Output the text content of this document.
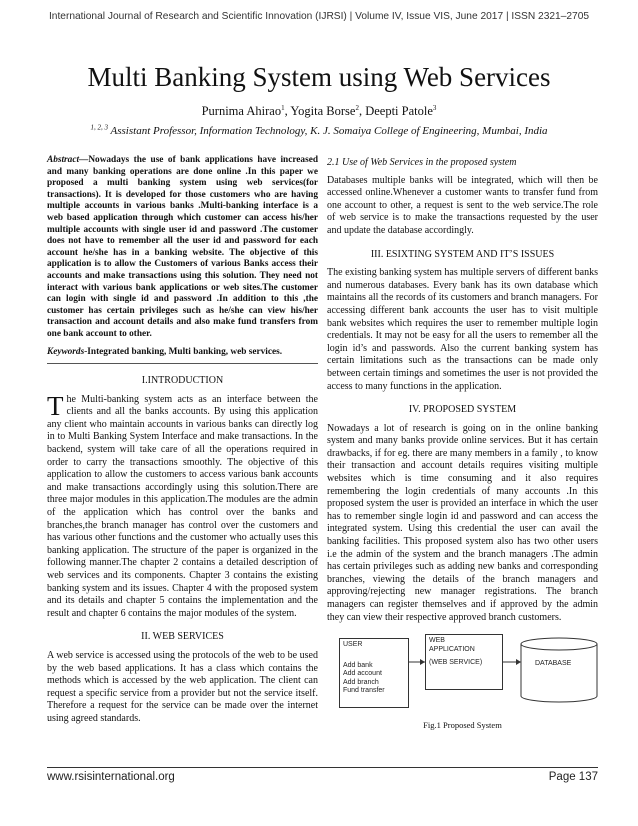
International Journal of Research and Scientific Innovation (IJRSI) | Volume IV, Issue VIS, June 2017 | ISSN 2321–2705
Multi Banking System using Web Services
Purnima Ahirao$^1$, Yogita Borse$^2$, Deepti Patole$^3$
$^{1, 2, 3}$ Assistant Professor, Information Technology, K. J. Somaiya College of Engineering, Mumbai, India

Abstract—Nowadays the use of bank applications have increased and many banking operations are done online .In this paper we proposed a multi banking system using web services(for transactions). It is developed for those customers who are having multiple accounts in various banks .Multi-banking interface is a web based application through which customer can access his/her multiple accounts with single user id and password .The customer does not have to remember all the user id and password for each account he/she has in a banking website. The objective of this application is to allow the Customers of various Banks access their accounts and make transactions using this solution. They need not interact with various bank applications or web sites.The customer can login with single id and password .In addition to this ,the customer has certain privileges such as he/she can view his/her transaction and account details and also make fund transfers from one bank account to other.

Keywords-Integrated banking, Multi banking, web services.

I.INTRODUCTION

The Multi-banking system acts as an interface between the clients and all the banks accounts. By using this application any client who maintain accounts in various banks can directly log in to Multi Banking System Interface and make transactions. In the backend, system will take care of all the operations required in order to carry the transactions smoothly. The objective of this application to allow the customers to access various bank accounts and make transactions accordingly using this solution.There are three major modules in this application.The modules are the admin of the application which has control over the banks and branches,the branch manager has control over the customers and has various other functions and the customer who actually uses this banking application. The structure of the paper is organized in the following manner.The chapter 2 contains a detailed description of web services and its components. Chapter 3 contains the existing banking system and its issues. Chapter 4 with the proposed system and its details and chapter 5 contains the implementation and the result and chapter 6 contains the major modules of the system.

II. WEB SERVICES

A web service is accessed using the protocols of the web to be used by the web based applications. It has a class which contains the methods which is accessed by the web application. The client can request a specific service from a provider but not the service itself. Therefore a request for the service can be made over the internet using agreed standards.

2.1 Use of Web Services in the proposed system

Databases multiple banks will be integrated, which will then be accessed online.Whenever a customer wants to transfer fund from one account to other, a request is sent to the web service.The role of web service is to make the transactions requested by the user and update the database accordingly.

III. ESIXTING SYSTEM AND IT’S ISSUES

The existing banking system has multiple servers of different banks and numerous databases. Every bank has its own database which maintains all the records of its customers and branch managers. For accessing different bank accounts the user has to visit multiple bank websites which requires the user to remember multiple login credentials. It may not be easy for all the users to remember all the login id’s and passwords. Also the current banking system has certain limitations such as the transactions can be made only between certain timings and sometimes the user is not provided the access to many functions in the application.

IV. PROPOSED SYSTEM

Nowadays a lot of research is going on in the online banking system and many banks provide online services. But it has certain drawbacks, if for eg. there are many members in a family , to know their transaction and account details requires visiting multiple websites which is time consuming and it also requires remembering the login credentials of many accounts .In this proposed system the user is provided an interface in which the user has to remember single login id and password and can access the integrated system. Using this credential the user can avail the banking facilities. This proposed system also has two other users i.e the admin of the system and the branch managers .The admin has certain privileges such as adding new banks and corresponding branches, viewing the details of the branch managers and approving/rejecting new manager registrations. The branch managers can register themselves and if approved by the admin they can view their respective approved branch customers.

USER
Add bank
Add account
Add branch
Fund transfer
WEB
APPLICATION
(WEB SERVICE)	DATABASE
Fig.1 Proposed System
www.rsisinternational.org	Page 137
